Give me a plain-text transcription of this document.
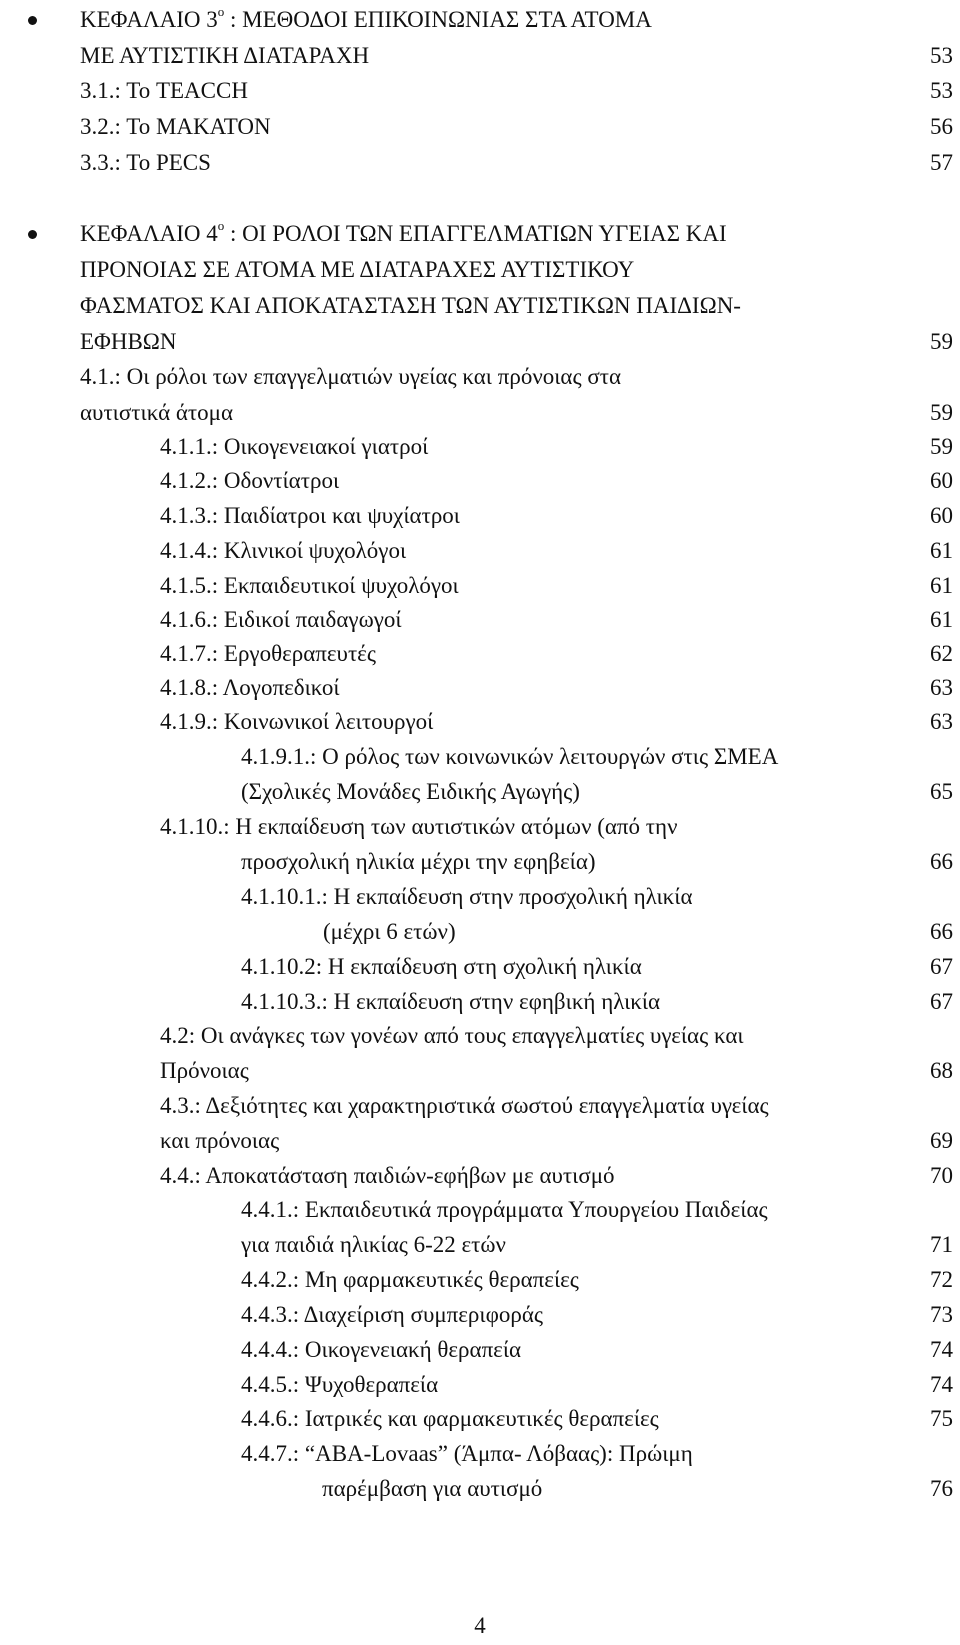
ΚΕΦΑΛΑΙΟ $3^o$ : ΜΕΘΟΔΟΙ ΕΠΙΚΟΙΝΩΝΙΑΣ ΣΤΑ ΑΤΟΜΑ
ΜΕ ΑΥΤΙΣΤΙΚΗ ΔΙΑΤΑΡΑΧΗ	53
3.1.: Το TEACCH	53
3.2.: Το ΜΑΚΑΤΟΝ	56
3.3.: Το PECS	57
ΚΕΦΑΛΑΙΟ $4^o$ : ΟΙ ΡΟΛΟΙ ΤΩΝ ΕΠΑΓΓΕΛΜΑΤΙΩΝ ΥΓΕΙΑΣ ΚΑΙ
ΠΡΟΝΟΙΑΣ ΣΕ ΑΤΟΜΑ ΜΕ ΔΙΑΤΑΡΑΧΕΣ ΑΥΤΙΣΤΙΚΟΥ
ΦΑΣΜΑΤΟΣ ΚΑΙ ΑΠΟΚΑΤΑΣΤΑΣΗ ΤΩΝ ΑΥΤΙΣΤΙΚΩΝ ΠΑΙΔΙΩΝ-
ΕΦΗΒΩΝ	59
4.1.: Οι ρόλοι των επαγγελματιών υγείας και πρόνοιας στα
αυτιστικά άτομα	59
4.1.1.: Οικογενειακοί γιατροί	59
4.1.2.: Οδοντίατροι	60
4.1.3.: Παιδίατροι και ψυχίατροι	60
4.1.4.: Κλινικοί ψυχολόγοι	61
4.1.5.: Εκπαιδευτικοί ψυχολόγοι	61
4.1.6.: Ειδικοί παιδαγωγοί	61
4.1.7.: Εργοθεραπευτές	62
4.1.8.: Λογοπεδικοί	63
4.1.9.: Κοινωνικοί λειτουργοί	63
4.1.9.1.: Ο ρόλος των κοινωνικών λειτουργών στις ΣΜΕΑ
(Σχολικές Μονάδες Ειδικής Αγωγής)	65
4.1.10.: Η εκπαίδευση των αυτιστικών ατόμων (από την
προσχολική ηλικία μέχρι την εφηβεία)	66
4.1.10.1.: Η εκπαίδευση στην προσχολική ηλικία
(μέχρι 6 ετών)	66
4.1.10.2: Η εκπαίδευση στη σχολική ηλικία	67
4.1.10.3.: Η εκπαίδευση στην εφηβική ηλικία	67
4.2: Οι ανάγκες των γονέων από τους επαγγελματίες υγείας και
Πρόνοιας	68
4.3.: Δεξιότητες και χαρακτηριστικά σωστού επαγγελματία υγείας
και πρόνοιας	69
4.4.: Αποκατάσταση παιδιών-εφήβων με αυτισμό	70
4.4.1.: Εκπαιδευτικά προγράμματα Υπουργείου Παιδείας
για παιδιά ηλικίας 6-22 ετών	71
4.4.2.: Μη φαρμακευτικές θεραπείες	72
4.4.3.: Διαχείριση συμπεριφοράς	73
4.4.4.: Οικογενειακή θεραπεία	74
4.4.5.: Ψυχοθεραπεία	74
4.4.6.: Ιατρικές και φαρμακευτικές θεραπείες	75
4.4.7.: “ABA-Lovaas” (Άμπα- Λόβαας): Πρώιμη
παρέμβαση για αυτισμό	76
4
